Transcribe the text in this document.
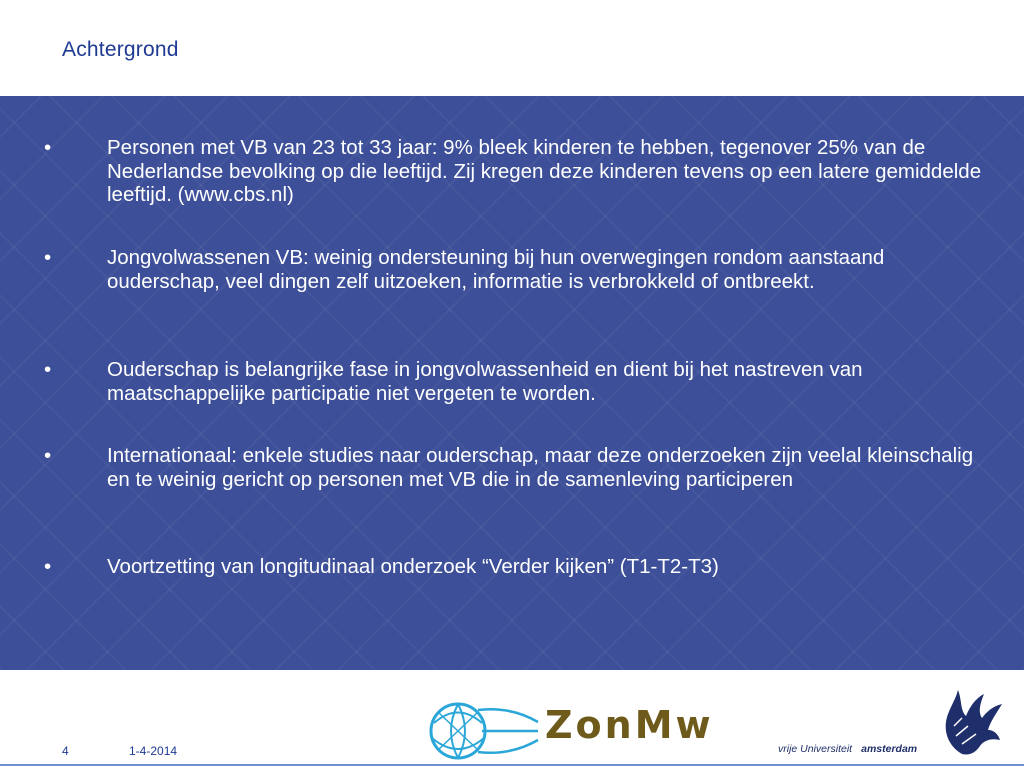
Achtergrond
•	Personen met VB van 23 tot 33 jaar: 9% bleek kinderen te hebben, tegenover 25% van de Nederlandse bevolking op die leeftijd. Zij kregen deze kinderen tevens op een latere gemiddelde leeftijd. (www.cbs.nl)
•	Jongvolwassenen VB: weinig ondersteuning bij hun overwegingen rondom aanstaand ouderschap, veel dingen zelf uitzoeken, informatie is verbrokkeld of ontbreekt.
•	Ouderschap is belangrijke fase in jongvolwassenheid en dient bij het nastreven van maatschappelijke participatie niet vergeten te worden.
•	Internationaal: enkele studies naar ouderschap, maar deze onderzoeken zijn veelal kleinschalig en te weinig gericht op personen met VB die in de samenleving participeren
•	Voortzetting van longitudinaal onderzoek “Verder kijken” (T1-T2-T3)
4	1-4-2014
ZonMw
vrije Universiteit amsterdam
